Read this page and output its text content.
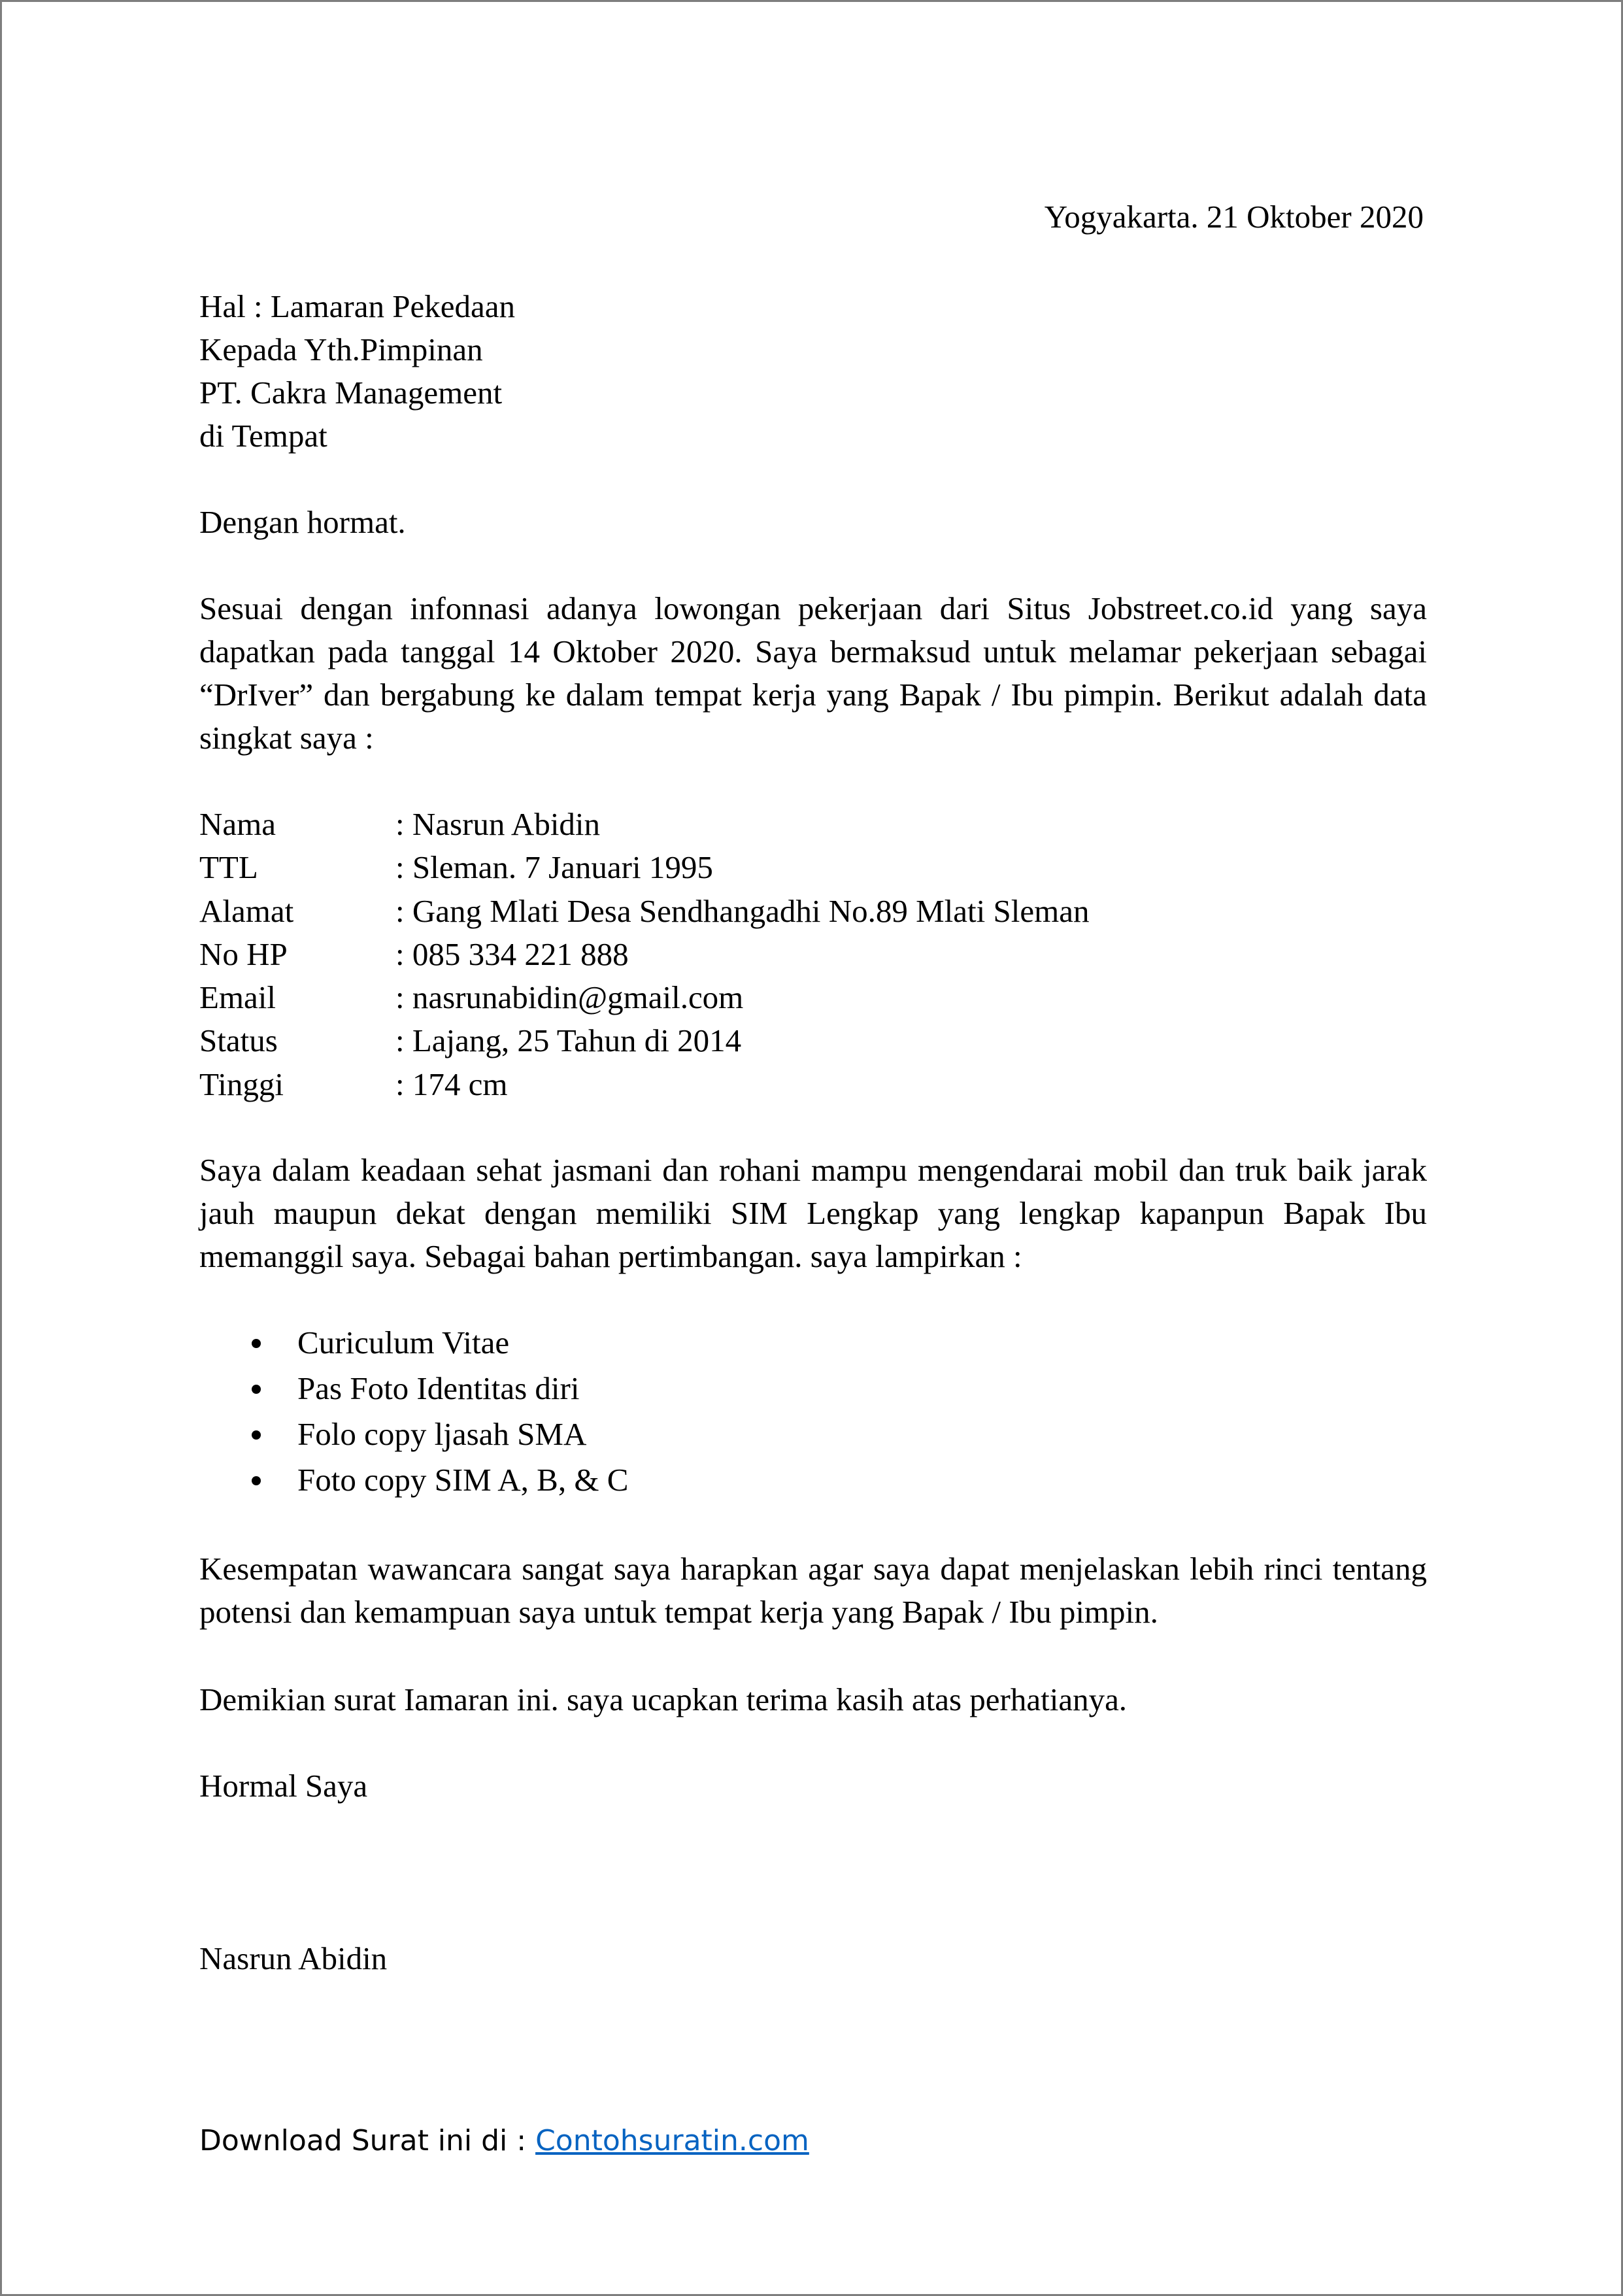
Yogyakarta. 21 Oktober 2020
Hal : Lamaran Pekedaan
Kepada Yth.Pimpinan
PT. Cakra Management
di Tempat
Dengan hormat.
Sesuai dengan infonnasi adanya lowongan pekerjaan dari Situs Jobstreet.co.id yang saya
dapatkan pada tanggal 14 Oktober 2020. Saya bermaksud untuk melamar pekerjaan sebagai
“DrIver” dan bergabung ke dalam tempat kerja yang Bapak / Ibu pimpin. Berikut adalah data
singkat saya :
Nama	: Nasrun Abidin
TTL	: Sleman. 7 Januari 1995
Alamat	: Gang Mlati Desa Sendhangadhi No.89 Mlati Sleman
No HP	: 085 334 221 888
Email	: nasrunabidin@gmail.com
Status	: Lajang, 25 Tahun di 2014
Tinggi	: 174 cm
Saya dalam keadaan sehat jasmani dan rohani mampu mengendarai mobil dan truk baik jarak
jauh maupun dekat dengan memiliki SIM Lengkap yang lengkap kapanpun Bapak Ibu
memanggil saya. Sebagai bahan pertimbangan. saya lampirkan :
Curiculum Vitae
Pas Foto Identitas diri
Folo copy ljasah SMA
Foto copy SIM A, B, & C
Kesempatan wawancara sangat saya harapkan agar saya dapat menjelaskan lebih rinci tentang
potensi dan kemampuan saya untuk tempat kerja yang Bapak / Ibu pimpin.
Demikian surat Iamaran ini. saya ucapkan terima kasih atas perhatianya.
Hormal Saya
Nasrun Abidin
Download Surat ini di : Contohsuratin.com
